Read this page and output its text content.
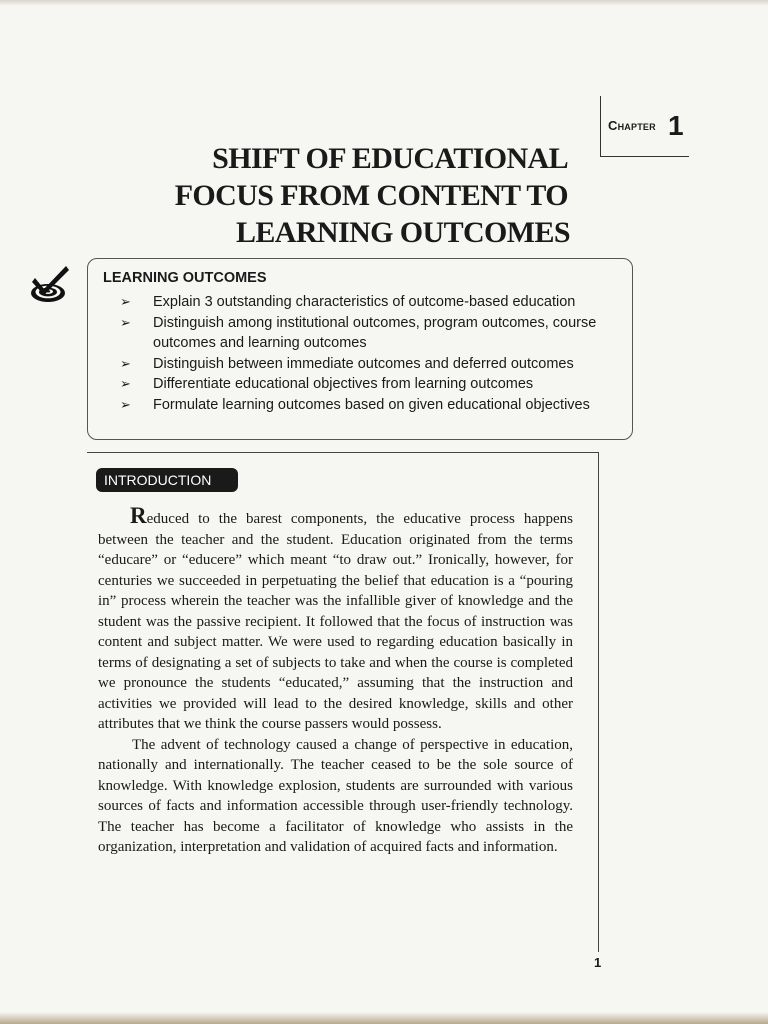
Chapter 1
SHIFT OF EDUCATIONAL
FOCUS FROM CONTENT TO
LEARNING OUTCOMES
LEARNING OUTCOMES
➢ Explain 3 outstanding characteristics of outcome-based education
➢ Distinguish among institutional outcomes, program outcomes, course outcomes and learning outcomes
➢ Distinguish between immediate outcomes and deferred outcomes
➢ Differentiate educational objectives from learning outcomes
➢ Formulate learning outcomes based on given educational objectives
INTRODUCTION

Reduced to the barest components, the educative process happens between the teacher and the student. Education originated from the terms “educare” or “educere” which meant “to draw out.” Ironically, however, for centuries we succeeded in perpetuating the belief that education is a “pouring in” process wherein the teacher was the infallible giver of knowledge and the student was the passive recipient. It followed that the focus of instruction was content and subject matter. We were used to regarding education basically in terms of designating a set of subjects to take and when the course is completed we pronounce the students “educated,” assuming that the instruction and activities we provided will lead to the desired knowledge, skills and other attributes that we think the course passers would possess.

The advent of technology caused a change of perspective in education, nationally and internationally. The teacher ceased to be the sole source of knowledge. With knowledge explosion, students are surrounded with various sources of facts and information accessible through user-friendly technology. The teacher has become a facilitator of knowledge who assists in the organization, interpretation and validation of acquired facts and information.

1
